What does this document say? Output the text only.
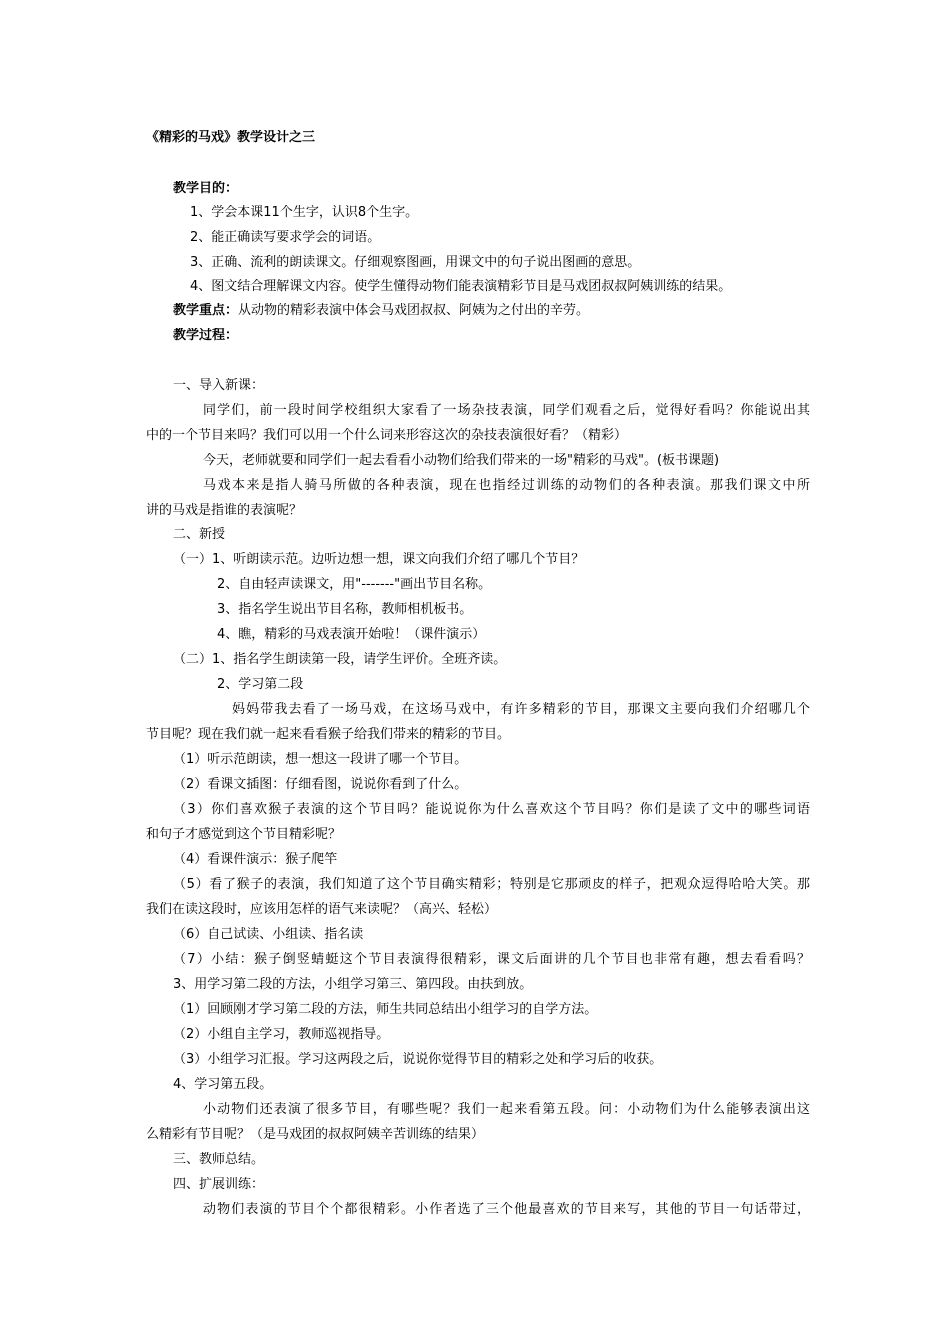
《精彩的马戏》教学设计之三
教学目的：
1、学会本课11个生字，认识8个生字。
2、能正确读写要求学会的词语。
3、正确、流利的朗读课文。仔细观察图画，用课文中的句子说出图画的意思。
4、图文结合理解课文内容。使学生懂得动物们能表演精彩节目是马戏团叔叔阿姨训练的结果。
教学重点：从动物的精彩表演中体会马戏团叔叔、阿姨为之付出的辛劳。
教学过程：
一、导入新课：
同学们，前一段时间学校组织大家看了一场杂技表演，同学们观看之后，觉得好看吗？你能说出其
中的一个节目来吗？我们可以用一个什么词来形容这次的杂技表演很好看？（精彩）
今天，老师就要和同学们一起去看看小动物们给我们带来的一场"精彩的马戏"。(板书课题)
马戏本来是指人骑马所做的各种表演，现在也指经过训练的动物们的各种表演。那我们课文中所
讲的马戏是指谁的表演呢？
二、新授
（一）1、听朗读示范。边听边想一想，课文向我们介绍了哪几个节目？
2、自由轻声读课文，用"-------"画出节目名称。
3、指名学生说出节目名称，教师相机板书。
4、瞧，精彩的马戏表演开始啦！（课件演示）
（二）1、指名学生朗读第一段，请学生评价。全班齐读。
2、学习第二段
妈妈带我去看了一场马戏，在这场马戏中，有许多精彩的节目，那课文主要向我们介绍哪几个
节目呢？现在我们就一起来看看猴子给我们带来的精彩的节目。
（1）听示范朗读，想一想这一段讲了哪一个节目。
（2）看课文插图：仔细看图，说说你看到了什么。
（3）你们喜欢猴子表演的这个节目吗？能说说你为什么喜欢这个节目吗？你们是读了文中的哪些词语
和句子才感觉到这个节目精彩呢？
（4）看课件演示：猴子爬竿
（5）看了猴子的表演，我们知道了这个节目确实精彩；特别是它那顽皮的样子，把观众逗得哈哈大笑。那
我们在读这段时，应该用怎样的语气来读呢？（高兴、轻松）
（6）自己试读、小组读、指名读
（7）小结：猴子倒竖蜻蜓这个节目表演得很精彩，课文后面讲的几个节目也非常有趣，想去看看吗？
3、用学习第二段的方法，小组学习第三、第四段。由扶到放。
（1）回顾刚才学习第二段的方法，师生共同总结出小组学习的自学方法。
（2）小组自主学习，教师巡视指导。
（3）小组学习汇报。学习这两段之后，说说你觉得节目的精彩之处和学习后的收获。
4、学习第五段。
小动物们还表演了很多节目，有哪些呢？我们一起来看第五段。问：小动物们为什么能够表演出这
么精彩有节目呢？（是马戏团的叔叔阿姨辛苦训练的结果）
三、教师总结。
四、扩展训练：
动物们表演的节目个个都很精彩。小作者选了三个他最喜欢的节目来写，其他的节目一句话带过，
